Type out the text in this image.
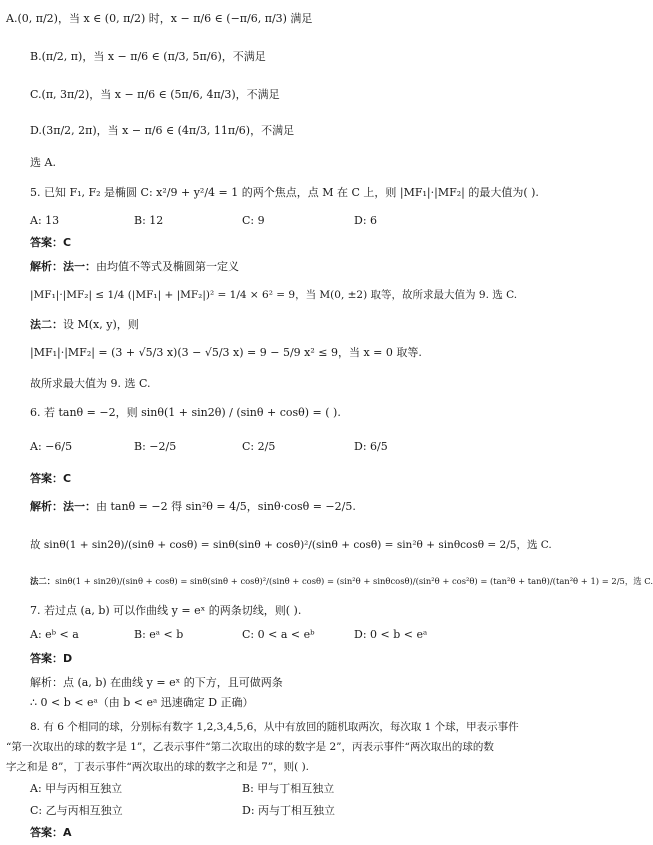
A.(0, π/2)，当 x ∈ (0, π/2) 时，x − π/6 ∈ (−π/6, π/3) 满足
B.(π/2, π)，当 x − π/6 ∈ (π/3, 5π/6)，不满足
C.(π, 3π/2)，当 x − π/6 ∈ (5π/6, 4π/3)，不满足
D.(3π/2, 2π)，当 x − π/6 ∈ (4π/3, 11π/6)，不满足
选 A.
5. 已知 F₁, F₂ 是椭圆 C: x²/9 + y²/4 = 1 的两个焦点，点 M 在 C 上，则 |MF₁|·|MF₂| 的最大值为( ).
A: 13	B: 12	C: 9	D: 6
答案：C
解析：法一：由均值不等式及椭圆第一定义
|MF₁|·|MF₂| ≤ 1/4 (|MF₁| + |MF₂|)² = 1/4 × 6² = 9，当 M(0, ±2) 取等，故所求最大值为 9. 选 C.
法二：设 M(x, y)，则
|MF₁|·|MF₂| = (3 + √5/3 x)(3 − √5/3 x) = 9 − 5/9 x² ≤ 9，当 x = 0 取等.
故所求最大值为 9. 选 C.
6. 若 tanθ = −2，则 sinθ(1 + sin2θ) / (sinθ + cosθ) = ( ).
A: −6/5	B: −2/5	C: 2/5	D: 6/5
答案：C
解析：法一：由 tanθ = −2 得 sin²θ = 4/5，sinθ·cosθ = −2/5.
故 sinθ(1 + sin2θ)/(sinθ + cosθ) = sinθ(sinθ + cosθ)²/(sinθ + cosθ) = sin²θ + sinθcosθ = 2/5，选 C.
法二：sinθ(1 + sin2θ)/(sinθ + cosθ) = sinθ(sinθ + cosθ)²/(sinθ + cosθ) = (sin²θ + sinθcosθ)/(sin²θ + cos²θ) = (tan²θ + tanθ)/(tan²θ + 1) = 2/5，选 C.
7. 若过点 (a, b) 可以作曲线 y = eˣ 的两条切线，则( ).
A: eᵇ < a	B: eᵃ < b	C: 0 < a < eᵇ	D: 0 < b < eᵃ
答案：D
解析：点 (a, b) 在曲线 y = eˣ 的下方，且可做两条
∴ 0 < b < eᵃ（由 b < eᵃ 迅速确定 D 正确）
8. 有 6 个相同的球，分别标有数字 1,2,3,4,5,6，从中有放回的随机取两次，每次取 1 个球，甲表示事件
“第一次取出的球的数字是 1”，乙表示事件“第二次取出的球的数字是 2”，丙表示事件“两次取出的球的数
字之和是 8”，丁表示事件“两次取出的球的数字之和是 7”，则( ).
A: 甲与丙相互独立	B: 甲与丁相互独立
C: 乙与丙相互独立	D: 丙与丁相互独立
答案：A
